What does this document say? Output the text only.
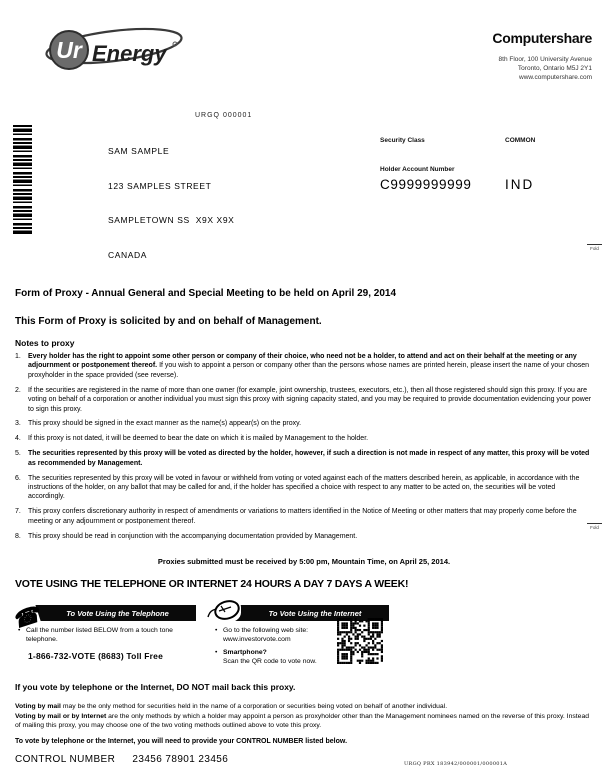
Ur Energy
Computershare
8th Floor, 100 University Avenue
Toronto, Ontario M5J 2Y1
www.computershare.com
URGQ 000001

SAM SAMPLE

123 SAMPLES STREET

SAMPLETOWN SS  X9X X9X

CANADA

Security Class	COMMON
Holder Account Number
C9999999999 IND
Fold
Fold
Form of Proxy - Annual General and Special Meeting to be held on April 29, 2014
This Form of Proxy is solicited by and on behalf of Management.
Notes to proxy
1.	Every holder has the right to appoint some other person or company of their choice, who need not be a holder, to attend and act on their behalf at the meeting or any adjournment or postponement thereof. If you wish to appoint a person or company other than the persons whose names are printed herein, please insert the name of your chosen proxyholder in the space provided (see reverse).
2.	If the securities are registered in the name of more than one owner (for example, joint ownership, trustees, executors, etc.), then all those registered should sign this proxy. If you are voting on behalf of a corporation or another individual you must sign this proxy with signing capacity stated, and you may be required to provide documentation evidencing your power to sign this proxy.
3.	This proxy should be signed in the exact manner as the name(s) appear(s) on the proxy.
4.	If this proxy is not dated, it will be deemed to bear the date on which it is mailed by Management to the holder.
5.	The securities represented by this proxy will be voted as directed by the holder, however, if such a direction is not made in respect of any matter, this proxy will be voted as recommended by Management.
6.	The securities represented by this proxy will be voted in favour or withheld from voting or voted against each of the matters described herein, as applicable, in accordance with the instructions of the holder, on any ballot that may be called for and, if the holder has specified a choice with respect to any matter to be acted on, the securities will be voted accordingly.
7.	This proxy confers discretionary authority in respect of amendments or variations to matters identified in the Notice of Meeting or other matters that may properly come before the meeting or any adjournment or postponement thereof.
8.	This proxy should be read in conjunction with the accompanying documentation provided by Management.
Proxies submitted must be received by 5:00 pm, Mountain Time, on April 25, 2014.
VOTE USING THE TELEPHONE OR INTERNET 24 HOURS A DAY 7 DAYS A WEEK!
☎	To Vote Using the Telephone	To Vote Using the Internet
• Call the number listed BELOW from a touch tone telephone.
1-866-732-VOTE (8683) Toll Free
• Go to the following web site:
www.investorvote.com
• Smartphone?
Scan the QR code to vote now.
If you vote by telephone or the Internet, DO NOT mail back this proxy.
Voting by mail may be the only method for securities held in the name of a corporation or securities being voted on behalf of another individual.
Voting by mail or by Internet are the only methods by which a holder may appoint a person as proxyholder other than the Management nominees named on the reverse of this proxy. Instead of mailing this proxy, you may choose one of the two voting methods outlined above to vote this proxy.
To vote by telephone or the Internet, you will need to provide your CONTROL NUMBER listed below.
CONTROL NUMBER 23456 78901 23456	URGQ PRX 183942/000001/000001A
